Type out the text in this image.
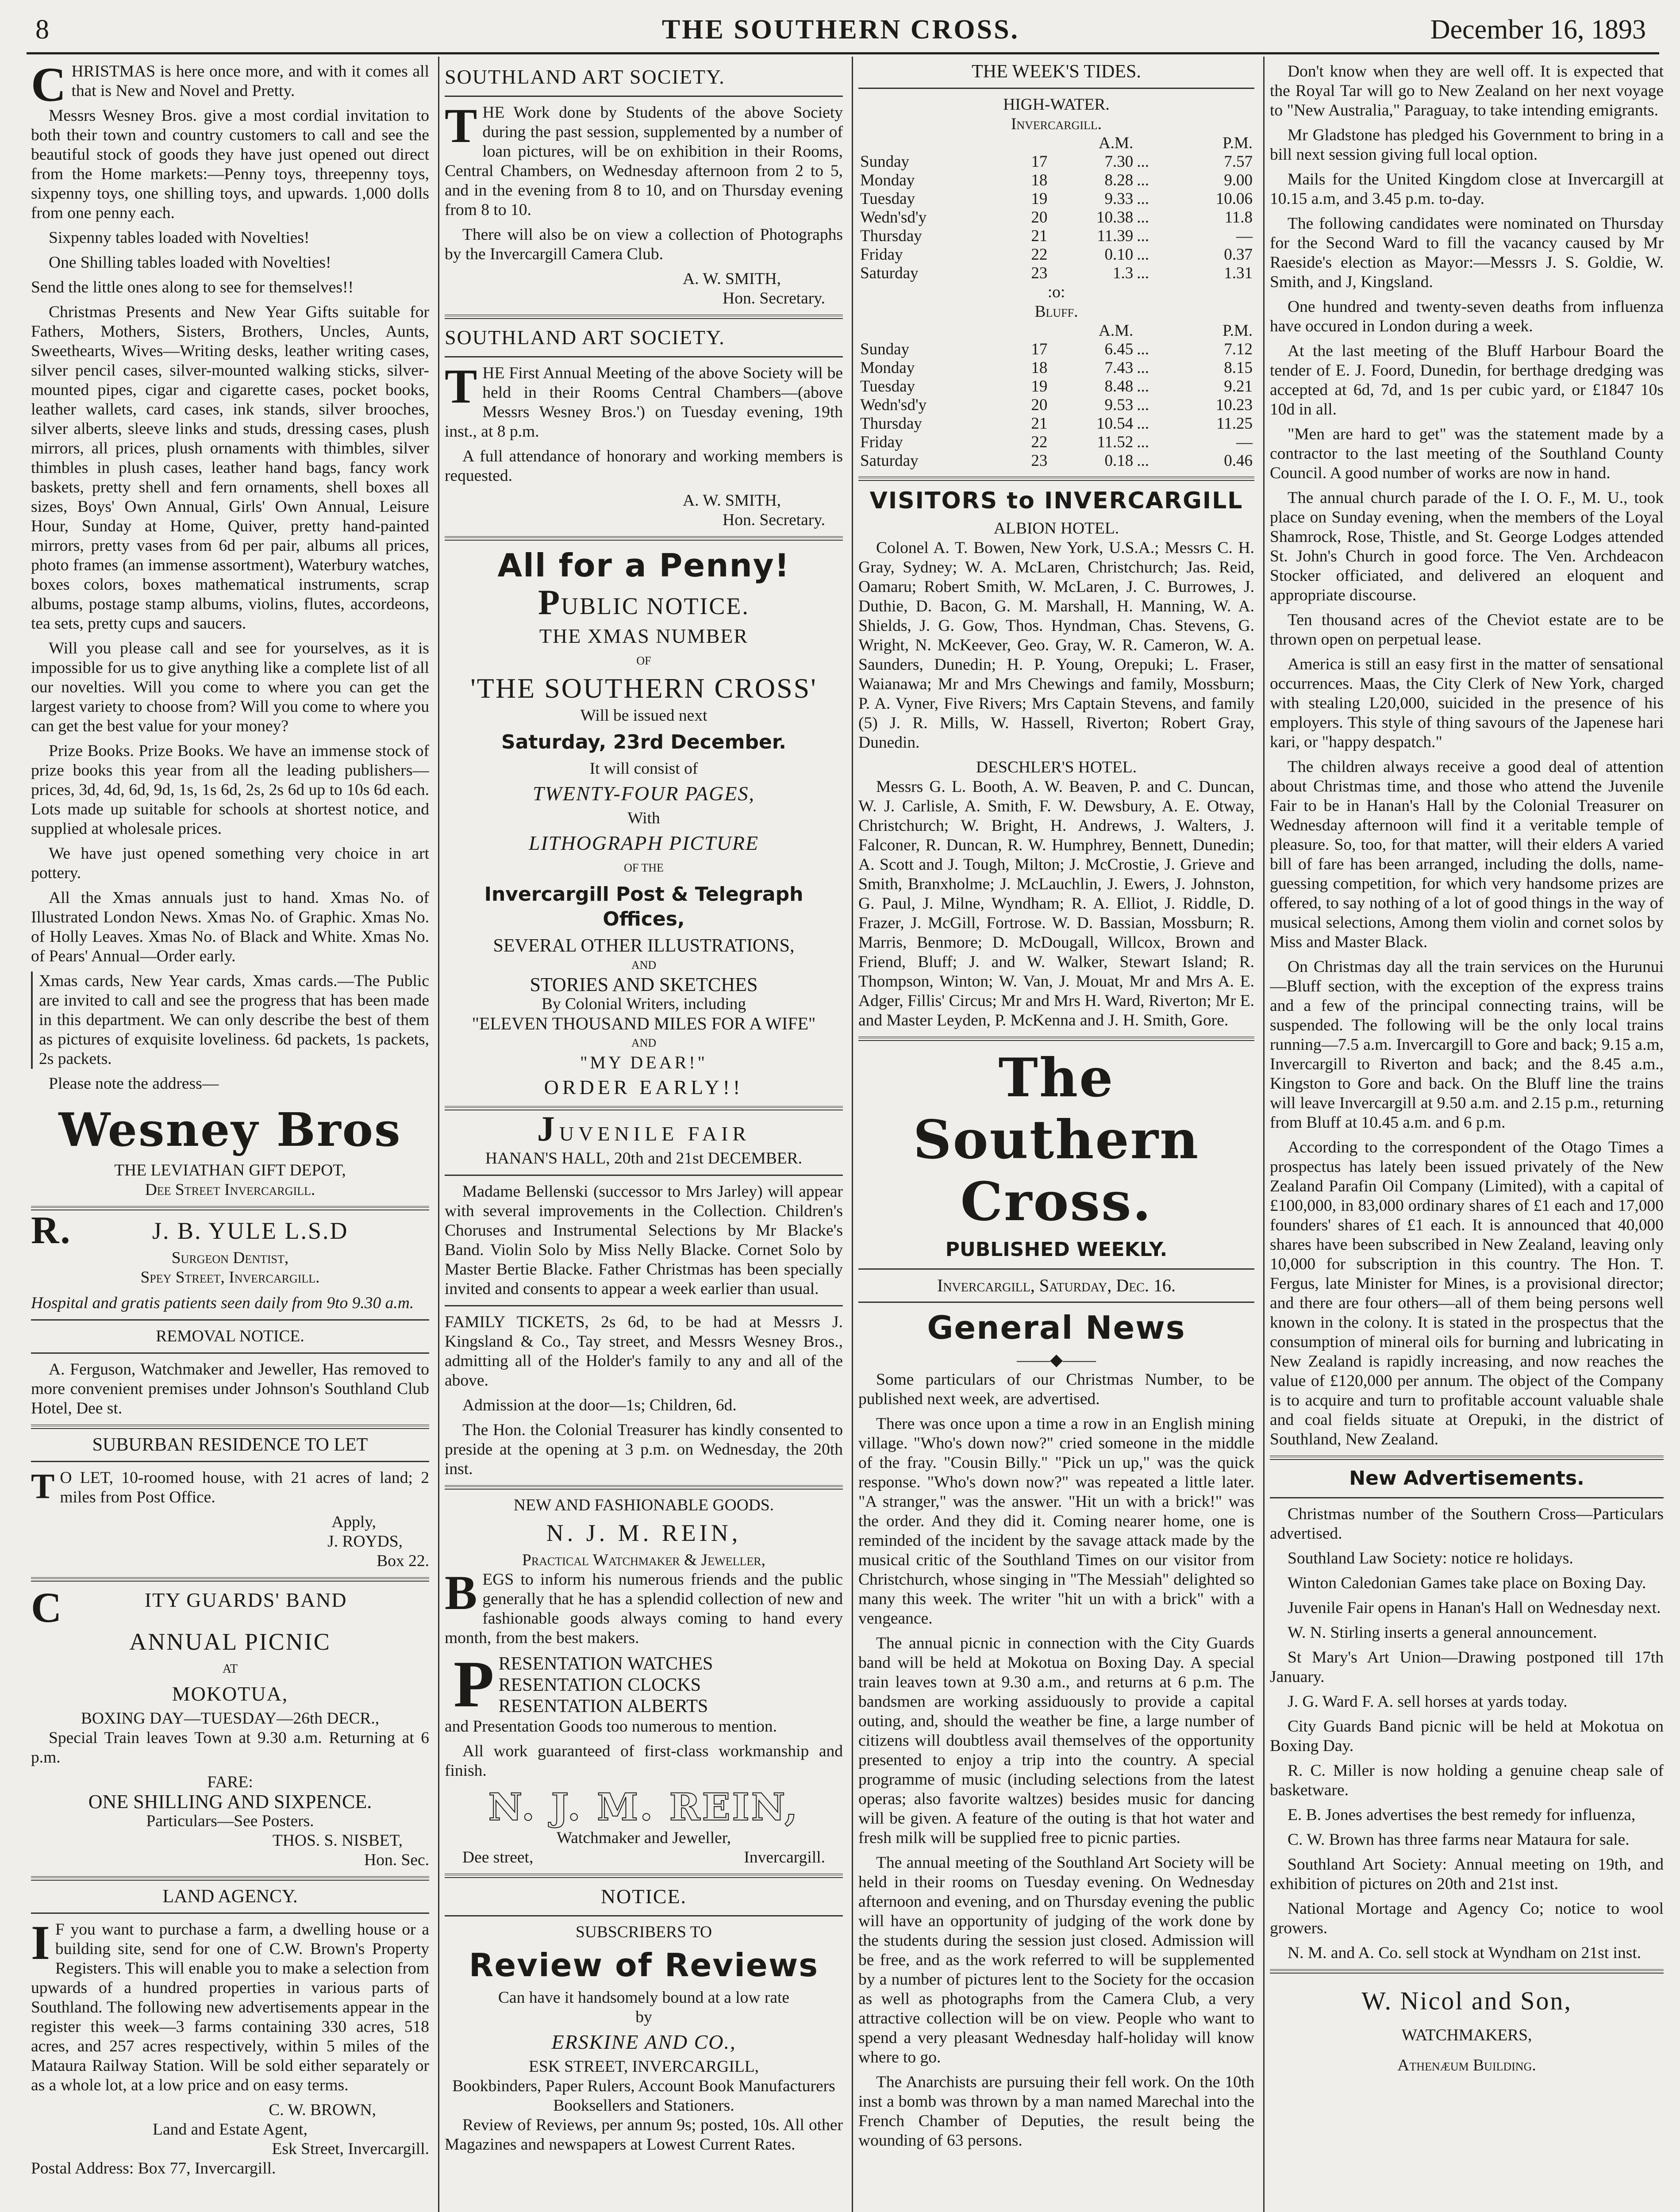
8	THE SOUTHERN CROSS.	December 16, 1893

CHRISTMAS is here once more, and with it comes all that is New and Novel and Pretty.

Messrs Wesney Bros. give a most cordial invitation to both their town and country customers to call and see the beautiful stock of goods they have just opened out direct from the Home markets:—Penny toys, threepenny toys, sixpenny toys, one shilling toys, and upwards. 1,000 dolls from one penny each.

Sixpenny tables loaded with Novelties!

One Shilling tables loaded with Novelties!

Send the little ones along to see for themselves!!

Christmas Presents and New Year Gifts suitable for Fathers, Mothers, Sisters, Brothers, Uncles, Aunts, Sweethearts, Wives—Writing desks, leather writing cases, silver pencil cases, silver-mounted walking sticks, silver-mounted pipes, cigar and cigarette cases, pocket books, leather wallets, card cases, ink stands, silver brooches, silver alberts, sleeve links and studs, dressing cases, plush mirrors, all prices, plush ornaments with thimbles, silver thimbles in plush cases, leather hand bags, fancy work baskets, pretty shell and fern ornaments, shell boxes all sizes, Boys' Own Annual, Girls' Own Annual, Leisure Hour, Sunday at Home, Quiver, pretty hand-painted mirrors, pretty vases from 6d per pair, albums all prices, photo frames (an immense assortment), Waterbury watches, boxes colors, boxes mathematical instruments, scrap albums, postage stamp albums, violins, flutes, accordeons, tea sets, pretty cups and saucers.

Will you please call and see for yourselves, as it is impossible for us to give anything like a complete list of all our novelties. Will you come to where you can get the largest variety to choose from? Will you come to where you can get the best value for your money?

Prize Books. Prize Books. We have an immense stock of prize books this year from all the leading publishers—prices, 3d, 4d, 6d, 9d, 1s, 1s 6d, 2s, 2s 6d up to 10s 6d each. Lots made up suitable for schools at shortest notice, and supplied at wholesale prices.

We have just opened something very choice in art pottery.

All the Xmas annuals just to hand. Xmas No. of Illustrated London News. Xmas No. of Graphic. Xmas No. of Holly Leaves. Xmas No. of Black and White. Xmas No. of Pears' Annual—Order early.

Xmas cards, New Year cards, Xmas cards.—The Public are invited to call and see the progress that has been made in this department. We can only describe the best of them as pictures of exquisite loveliness. 6d packets, 1s packets, 2s packets.

Please note the address—

Wesney Bros
THE LEVIATHAN GIFT DEPOT,
Dee Street Invercargill.
R.	J. B. YULE L.S.D
Surgeon Dentist,
Spey Street, Invercargill.

Hospital and gratis patients seen daily from 9to 9.30 a.m.

REMOVAL NOTICE.

A. Ferguson, Watchmaker and Jeweller, Has removed to more convenient premises under Johnson's Southland Club Hotel, Dee st.

SUBURBAN RESIDENCE TO LET

T O LET, 10-roomed house, with 21 acres of land; 2 miles from Post Office.

Apply,
J. ROYDS,
Box 22.
C	ITY GUARDS' BAND
ANNUAL PICNIC
AT
MOKOTUA,
BOXING DAY—TUESDAY—26th DECR.,

Special Train leaves Town at 9.30 a.m. Returning at 6 p.m.

FARE:
ONE SHILLING AND SIXPENCE.
Particulars—See Posters.
THOS. S. NISBET,
Hon. Sec.
LAND AGENCY.

I F you want to purchase a farm, a dwelling house or a building site, send for one of C.W. Brown's Property Registers. This will enable you to make a selection from upwards of a hundred properties in various parts of Southland. The following new advertisements appear in the register this week—3 farms containing 330 acres, 518 acres, and 257 acres respectively, within 5 miles of the Mataura Railway Station. Will be sold either separately or as a whole lot, at a low price and on easy terms.

C. W. BROWN,
Land and Estate Agent,
Esk Street, Invercargill.
Postal Address: Box 77, Invercargill.
SOUTHLAND ART SOCIETY.

THE Work done by Students of the above Society during the past session, supplemented by a number of loan pictures, will be on exhibition in their Rooms, Central Chambers, on Wednesday afternoon from 2 to 5, and in the evening from 8 to 10, and on Thursday evening from 8 to 10.

There will also be on view a collection of Photographs by the Invercargill Camera Club.

A. W. SMITH,
Hon. Secretary.
SOUTHLAND ART SOCIETY.

THE First Annual Meeting of the above Society will be held in their Rooms Central Chambers—(above Messrs Wesney Bros.') on Tuesday evening, 19th inst., at 8 p.m.

A full attendance of honorary and working members is requested.

A. W. SMITH,
Hon. Secretary.
All for a Penny!
PUBLIC NOTICE.
THE XMAS NUMBER
OF
'THE SOUTHERN CROSS'
Will be issued next
Saturday, 23rd December.
It will consist of
TWENTY-FOUR PAGES,
With
LITHOGRAPH PICTURE
OF THE
Invercargill Post & Telegraph Offices,
SEVERAL OTHER ILLUSTRATIONS,
AND
STORIES AND SKETCHES
By Colonial Writers, including
"ELEVEN THOUSAND MILES FOR A WIFE"
AND
"MY DEAR!"
ORDER EARLY!!
JUVENILE FAIR
HANAN'S HALL, 20th and 21st DECEMBER.

Madame Bellenski (successor to Mrs Jarley) will appear with several improvements in the Collection. Children's Choruses and Instrumental Selections by Mr Blacke's Band. Violin Solo by Miss Nelly Blacke. Cornet Solo by Master Bertie Blacke. Father Christmas has been specially invited and consents to appear a week earlier than usual.

FAMILY TICKETS, 2s 6d, to be had at Messrs J. Kingsland & Co., Tay street, and Messrs Wesney Bros., admitting all of the Holder's family to any and all of the above.

Admission at the door—1s; Children, 6d.

The Hon. the Colonial Treasurer has kindly consented to preside at the opening at 3 p.m. on Wednesday, the 20th inst.

NEW AND FASHIONABLE GOODS.
N. J. M. REIN,
Practical Watchmaker & Jeweller,

BEGS to inform his numerous friends and the public generally that he has a splendid collection of new and fashionable goods always coming to hand every month, from the best makers.

P RESENTATION WATCHES
RESENTATION CLOCKS
RESENTATION ALBERTS

and Presentation Goods too numerous to mention.

All work guaranteed of first-class workmanship and finish.

N. J. M. REIN,
Watchmaker and Jeweller,
Dee street,	Invercargill.
NOTICE.
SUBSCRIBERS TO
Review of Reviews
Can have it handsomely bound at a low rate
by
ERSKINE AND CO.,
ESK STREET, INVERCARGILL,
Bookbinders, Paper Rulers, Account Book Manufacturers Booksellers and Stationers.

Review of Reviews, per annum 9s; posted, 10s. All other Magazines and newspapers at Lowest Current Rates.

THE WEEK'S TIDES.
HIGH-WATER.
Invercargill.
		A.M.		P.M.
Sunday	17	7.30	...	7.57
Monday	18	8.28	...	9.00
Tuesday	19	9.33	...	10.06
Wedn'sd'y	20	10.38	...	11.8
Thursday	21	11.39	...	—
Friday	22	0.10	...	0.37
Saturday	23	1.3	...	1.31
:o:
Bluff.
		A.M.		P.M.
Sunday	17	6.45	...	7.12
Monday	18	7.43	...	8.15
Tuesday	19	8.48	...	9.21
Wedn'sd'y	20	9.53	...	10.23
Thursday	21	10.54	...	11.25
Friday	22	11.52	...	—
Saturday	23	0.18	...	0.46
VISITORS to INVERCARGILL
ALBION HOTEL.

Colonel A. T. Bowen, New York, U.S.A.; Messrs C. H. Gray, Sydney; W. A. McLaren, Christchurch; Jas. Reid, Oamaru; Robert Smith, W. McLaren, J. C. Burrowes, J. Duthie, D. Bacon, G. M. Marshall, H. Manning, W. A. Shields, J. G. Gow, Thos. Hyndman, Chas. Stevens, G. Wright, N. McKeever, Geo. Gray, W. R. Cameron, W. A. Saunders, Dunedin; H. P. Young, Orepuki; L. Fraser, Waianawa; Mr and Mrs Chewings and family, Mossburn; P. A. Vyner, Five Rivers; Mrs Captain Stevens, and family (5) J. R. Mills, W. Hassell, Riverton; Robert Gray, Dunedin.

DESCHLER'S HOTEL.

Messrs G. L. Booth, A. W. Beaven, P. and C. Duncan, W. J. Carlisle, A. Smith, F. W. Dewsbury, A. E. Otway, Christchurch; W. Bright, H. Andrews, J. Walters, J. Falconer, R. Duncan, R. W. Humphrey, Bennett, Dunedin; A. Scott and J. Tough, Milton; J. McCrostie, J. Grieve and Smith, Branxholme; J. McLauchlin, J. Ewers, J. Johnston, G. Paul, J. Milne, Wyndham; R. A. Elliot, J. Riddle, D. Frazer, J. McGill, Fortrose. W. D. Bassian, Mossburn; R. Marris, Benmore; D. McDougall, Willcox, Brown and Friend, Bluff; J. and W. Walker, Stewart Island; R. Thompson, Winton; W. Van, J. Mouat, Mr and Mrs A. E. Adger, Fillis' Circus; Mr and Mrs H. Ward, Riverton; Mr E. and Master Leyden, P. McKenna and J. H. Smith, Gore.

The Southern Cross.
PUBLISHED WEEKLY.
Invercargill, Saturday, Dec. 16.
General News
——◆——

Some particulars of our Christmas Number, to be published next week, are advertised.

There was once upon a time a row in an English mining village. "Who's down now?" cried someone in the middle of the fray. "Cousin Billy." "Pick un up," was the quick response. "Who's down now?" was repeated a little later. "A stranger," was the answer. "Hit un with a brick!" was the order. And they did it. Coming nearer home, one is reminded of the incident by the savage attack made by the musical critic of the Southland Times on our visitor from Christchurch, whose singing in "The Messiah" delighted so many this week. The writer "hit un with a brick" with a vengeance.

The annual picnic in connection with the City Guards band will be held at Mokotua on Boxing Day. A special train leaves town at 9.30 a.m., and returns at 6 p.m. The bandsmen are working assiduously to provide a capital outing, and, should the weather be fine, a large number of citizens will doubtless avail themselves of the opportunity presented to enjoy a trip into the country. A special programme of music (including selections from the latest operas; also favorite waltzes) besides music for dancing will be given. A feature of the outing is that hot water and fresh milk will be supplied free to picnic parties.

The annual meeting of the Southland Art Society will be held in their rooms on Tuesday evening. On Wednesday afternoon and evening, and on Thursday evening the public will have an opportunity of judging of the work done by the students during the session just closed. Admission will be free, and as the work referred to will be supplemented by a number of pictures lent to the Society for the occasion as well as photographs from the Camera Club, a very attractive collection will be on view. People who want to spend a very pleasant Wednesday half-holiday will know where to go.

The Anarchists are pursuing their fell work. On the 10th inst a bomb was thrown by a man named Marechal into the French Chamber of Deputies, the result being the wounding of 63 persons.

Don't know when they are well off. It is expected that the Royal Tar will go to New Zealand on her next voyage to "New Australia," Paraguay, to take intending emigrants.

Mr Gladstone has pledged his Government to bring in a bill next session giving full local option.

Mails for the United Kingdom close at Invercargill at 10.15 a.m, and 3.45 p.m. to-day.

The following candidates were nominated on Thursday for the Second Ward to fill the vacancy caused by Mr Raeside's election as Mayor:—Messrs J. S. Goldie, W. Smith, and J, Kingsland.

One hundred and twenty-seven deaths from influenza have occured in London during a week.

At the last meeting of the Bluff Harbour Board the tender of E. J. Foord, Dunedin, for berthage dredging was accepted at 6d, 7d, and 1s per cubic yard, or £1847 10s 10d in all.

"Men are hard to get" was the statement made by a contractor to the last meeting of the Southland County Council. A good number of works are now in hand.

The annual church parade of the I. O. F., M. U., took place on Sunday evening, when the members of the Loyal Shamrock, Rose, Thistle, and St. George Lodges attended St. John's Church in good force. The Ven. Archdeacon Stocker officiated, and delivered an eloquent and appropriate discourse.

Ten thousand acres of the Cheviot estate are to be thrown open on perpetual lease.

America is still an easy first in the matter of sensational occurrences. Maas, the City Clerk of New York, charged with stealing L20,000, suicided in the presence of his employers. This style of thing savours of the Japenese hari kari, or "happy despatch."

The children always receive a good deal of attention about Christmas time, and those who attend the Juvenile Fair to be in Hanan's Hall by the Colonial Treasurer on Wednesday afternoon will find it a veritable temple of pleasure. So, too, for that matter, will their elders A varied bill of fare has been arranged, including the dolls, name-guessing competition, for which very handsome prizes are offered, to say nothing of a lot of good things in the way of musical selections, Among them violin and cornet solos by Miss and Master Black.

On Christmas day all the train services on the Hurunui—Bluff section, with the exception of the express trains and a few of the principal connecting trains, will be suspended. The following will be the only local trains running—7.5 a.m. Invercargill to Gore and back; 9.15 a.m, Invercargill to Riverton and back; and the 8.45 a.m., Kingston to Gore and back. On the Bluff line the trains will leave Invercargill at 9.50 a.m. and 2.15 p.m., returning from Bluff at 10.45 a.m. and 6 p.m.

According to the correspondent of the Otago Times a prospectus has lately been issued privately of the New Zealand Parafin Oil Company (Limited), with a capital of £100,000, in 83,000 ordinary shares of £1 each and 17,000 founders' shares of £1 each. It is announced that 40,000 shares have been subscribed in New Zealand, leaving only 10,000 for subscription in this country. The Hon. T. Fergus, late Minister for Mines, is a provisional director; and there are four others—all of them being persons well known in the colony. It is stated in the prospectus that the consumption of mineral oils for burning and lubricating in New Zealand is rapidly increasing, and now reaches the value of £120,000 per annum. The object of the Company is to acquire and turn to profitable account valuable shale and coal fields situate at Orepuki, in the district of Southland, New Zealand.

New Advertisements.

Christmas number of the Southern Cross—Particulars advertised.

Southland Law Society: notice re holidays.

Winton Caledonian Games take place on Boxing Day.

Juvenile Fair opens in Hanan's Hall on Wednesday next.

W. N. Stirling inserts a general announcement.

St Mary's Art Union—Drawing postponed till 17th January.

J. G. Ward F. A. sell horses at yards today.

City Guards Band picnic will be held at Mokotua on Boxing Day.

R. C. Miller is now holding a genuine cheap sale of basketware.

E. B. Jones advertises the best remedy for influenza,

C. W. Brown has three farms near Mataura for sale.

Southland Art Society: Annual meeting on 19th, and exhibition of pictures on 20th and 21st inst.

National Mortage and Agency Co; notice to wool growers.

N. M. and A. Co. sell stock at Wyndham on 21st inst.

W. Nicol and Son,
WATCHMAKERS,
Athenæum Building.
